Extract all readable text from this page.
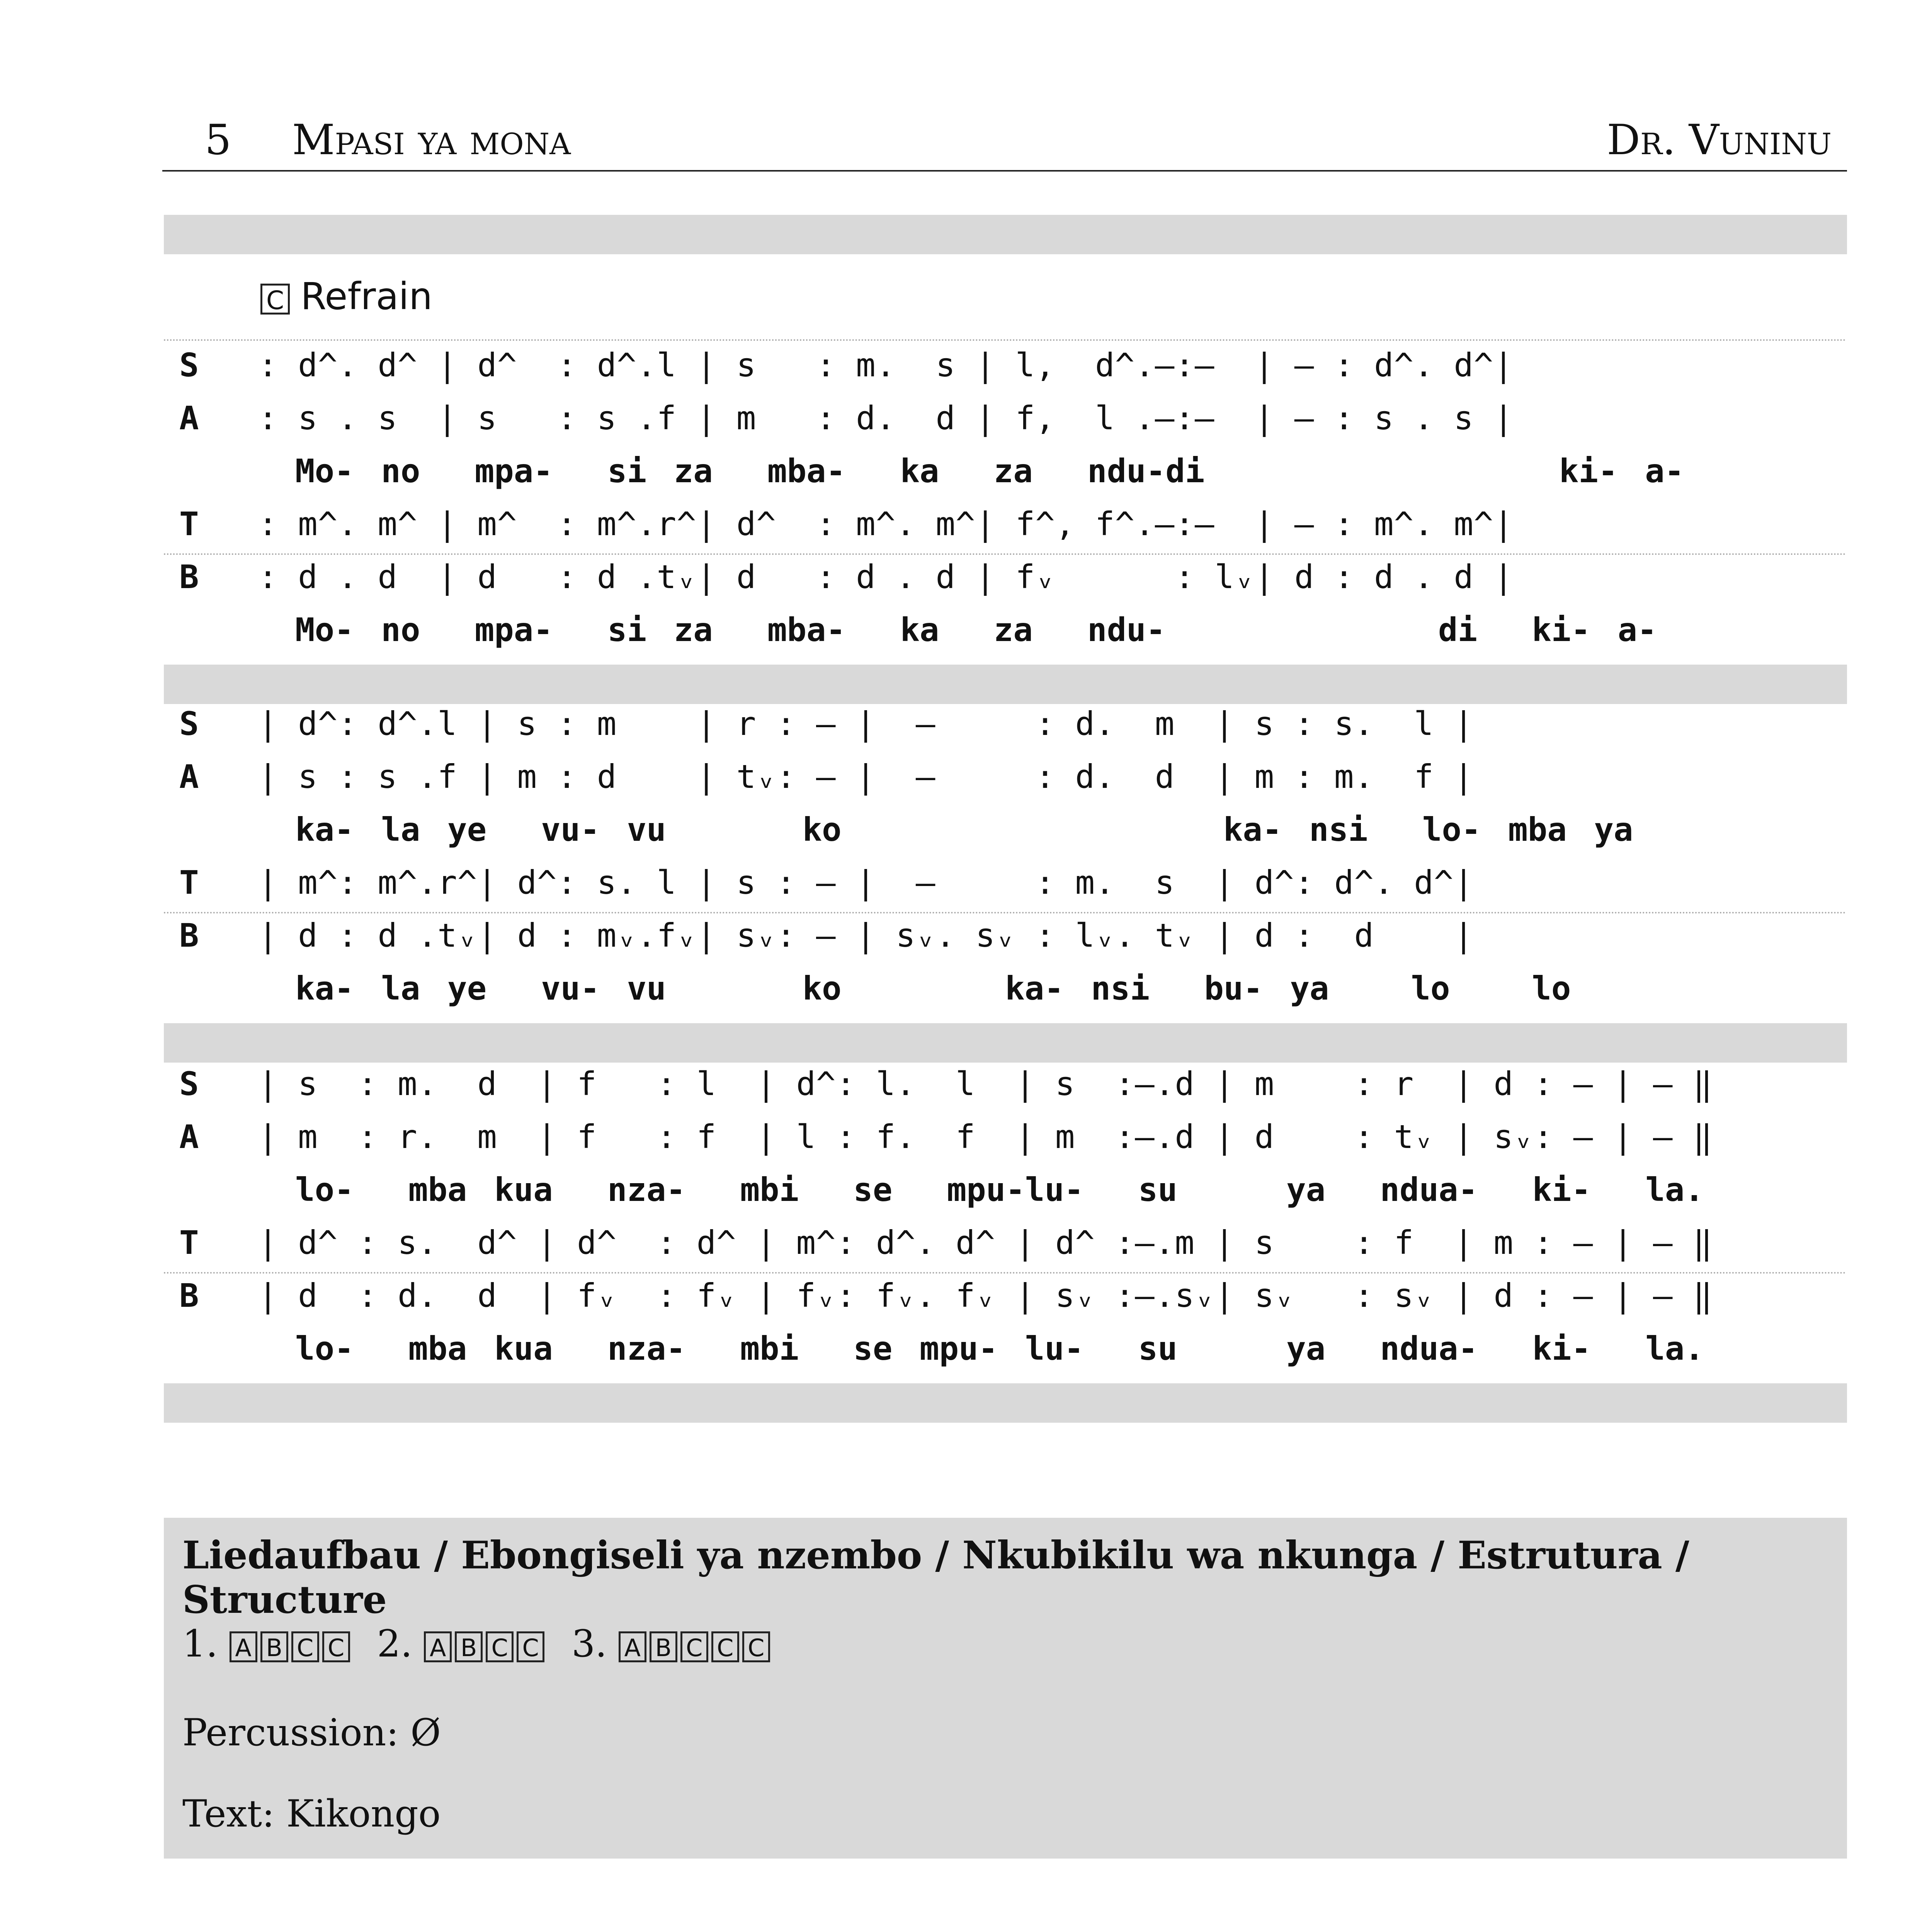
5 Mpasi ya mona	Dr. Vuninu
C Refrain
S : d^. d^ | d^  : d^.l | s   : m.  s | l,  d^.—:—  | — : d^. d^|
A : s . s  | s   : s .f | m   : d.  d | f,  l .—:—  | — : s . s |
Mo- no  mpa-  si za  mba-  ka  za  ndu-di             ki- a-
T : m^. m^ | m^  : m^.r^| d^  : m^. m^| f^, f^.—:—  | — : m^. m^|
B : d . d  | d   : d .tᵥ| d   : d . d | fᵥ      : lᵥ| d : d . d |
Mo- no  mpa-  si za  mba-  ka  za  ndu-          di  ki- a-
S | d^: d^.l | s : m    | r : — |  —     : d.  m  | s : s.  l |
A | s : s .f | m : d    | tᵥ: — |  —     : d.  d  | m : m.  f |
ka- la ye  vu- vu     ko              ka- nsi  lo- mba ya
T | m^: m^.r^| d^: s. l | s : — |  —     : m.  s  | d^: d^. d^|
B | d : d .tᵥ| d : mᵥ.fᵥ| sᵥ: — | sᵥ. sᵥ : lᵥ. tᵥ | d :  d    |
ka- la ye  vu- vu     ko      ka- nsi  bu- ya   lo   lo
S | s  : m.  d  | f   : l  | d^: l.  l  | s  :—.d | m    : r  | d : — | — ‖
A | m  : r.  m  | f   : f  | l : f.  f  | m  :—.d | d    : tᵥ | sᵥ: — | — ‖
lo-  mba kua  nza-  mbi  se  mpu-lu-  su    ya  ndua-  ki-  la.
T | d^ : s.  d^ | d^  : d^ | m^: d^. d^ | d^ :—.m | s    : f  | m : — | — ‖
B | d  : d.  d  | fᵥ  : fᵥ | fᵥ: fᵥ. fᵥ | sᵥ :—.sᵥ| sᵥ   : sᵥ | d : — | — ‖
lo-  mba kua  nza-  mbi  se mpu- lu-  su    ya  ndua-  ki-  la.
Liedaufbau / Ebongiseli ya nzembo / Nkubikilu wa nkunga / Estrutura / Structure
1. A B C C 2. A B C C 3. A B C C C
Percussion: Ø
Text: Kikongo
